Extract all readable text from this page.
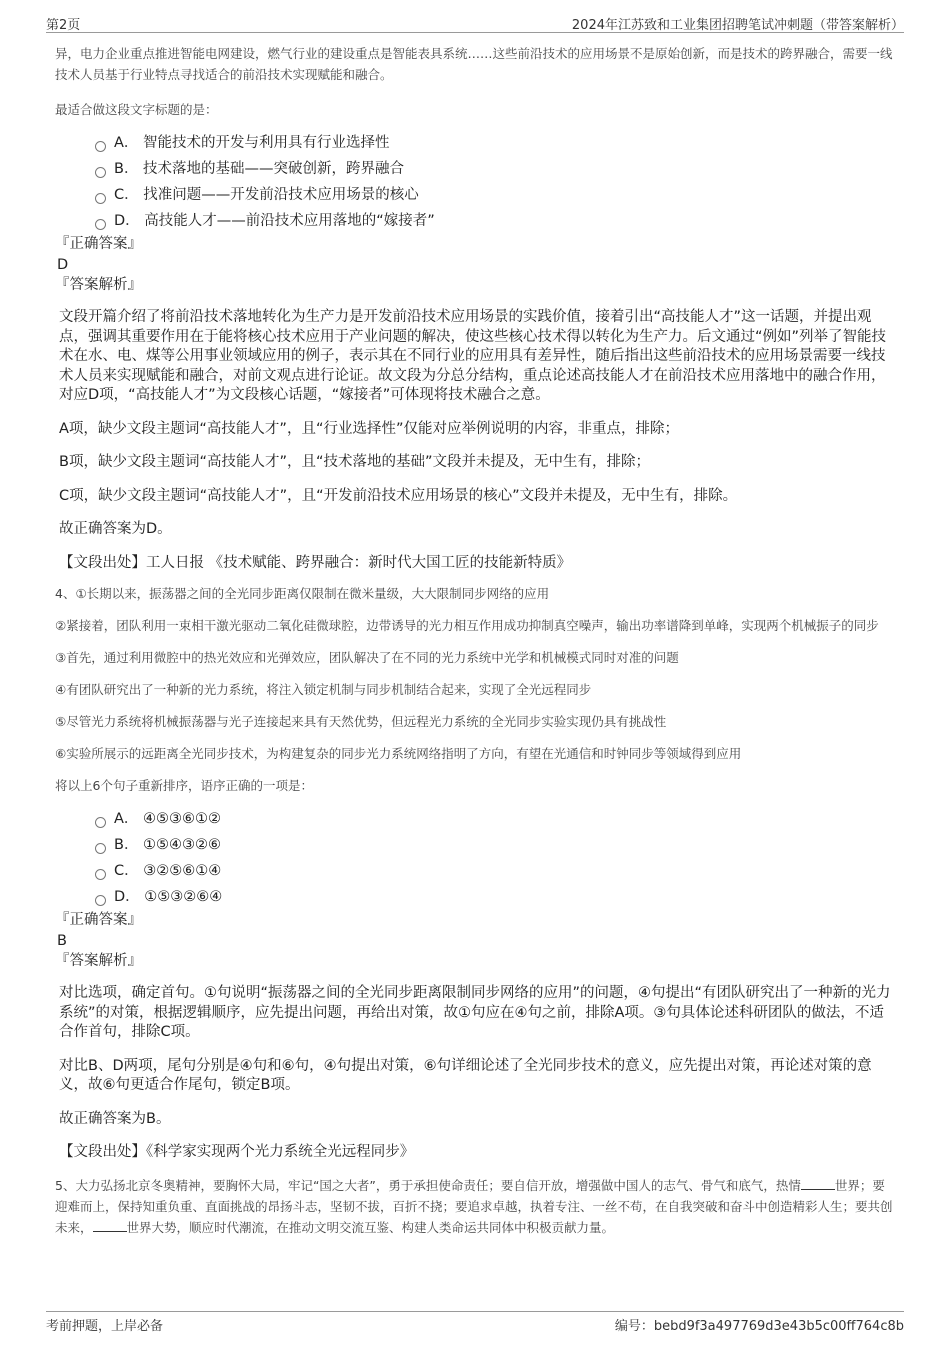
第2页	2024年江苏致和工业集团招聘笔试冲刺题（带答案解析）
异，电力企业重点推进智能电网建设，燃气行业的建设重点是智能表具系统……这些前沿技术的应用场景不是原始创新，而是技术的跨界融合，需要一线技术人员基于行业特点寻找适合的前沿技术实现赋能和融合。
最适合做这段文字标题的是：
A． 智能技术的开发与利用具有行业选择性
B． 技术落地的基础——突破创新，跨界融合
C． 找准问题——开发前沿技术应用场景的核心
D． 高技能人才——前沿技术应用落地的“嫁接者”
『正确答案』
D
『答案解析』
文段开篇介绍了将前沿技术落地转化为生产力是开发前沿技术应用场景的实践价值，接着引出“高技能人才”这一话题，并提出观点，强调其重要作用在于能将核心技术应用于产业问题的解决，使这些核心技术得以转化为生产力。后文通过“例如”列举了智能技术在水、电、煤等公用事业领域应用的例子，表示其在不同行业的应用具有差异性，随后指出这些前沿技术的应用场景需要一线技术人员来实现赋能和融合，对前文观点进行论证。故文段为分总分结构，重点论述高技能人才在前沿技术应用落地中的融合作用，对应D项，“高技能人才”为文段核心话题，“嫁接者”可体现将技术融合之意。
A项，缺少文段主题词“高技能人才”，且“行业选择性”仅能对应举例说明的内容，非重点，排除；
B项，缺少文段主题词“高技能人才”，且“技术落地的基础”文段并未提及，无中生有，排除；
C项，缺少文段主题词“高技能人才”，且“开发前沿技术应用场景的核心”文段并未提及，无中生有，排除。
故正确答案为D。
【文段出处】工人日报 《技术赋能、跨界融合：新时代大国工匠的技能新特质》
4、①长期以来，振荡器之间的全光同步距离仅限制在微米量级，大大限制同步网络的应用
②紧接着，团队利用一束相干激光驱动二氧化硅微球腔，边带诱导的光力相互作用成功抑制真空噪声，输出功率谱降到单峰，实现两个机械振子的同步
③首先，通过利用微腔中的热光效应和光弹效应，团队解决了在不同的光力系统中光学和机械模式同时对准的问题
④有团队研究出了一种新的光力系统，将注入锁定机制与同步机制结合起来，实现了全光远程同步
⑤尽管光力系统将机械振荡器与光子连接起来具有天然优势，但远程光力系统的全光同步实验实现仍具有挑战性
⑥实验所展示的远距离全光同步技术，为构建复杂的同步光力系统网络指明了方向，有望在光通信和时钟同步等领域得到应用
将以上6个句子重新排序，语序正确的一项是：
A． ④⑤③⑥①②
B． ①⑤④③②⑥
C． ③②⑤⑥①④
D． ①⑤③②⑥④
『正确答案』
B
『答案解析』
对比选项，确定首句。①句说明“振荡器之间的全光同步距离限制同步网络的应用”的问题，④句提出“有团队研究出了一种新的光力系统”的对策，根据逻辑顺序，应先提出问题，再给出对策，故①句应在④句之前，排除A项。③句具体论述科研团队的做法，不适合作首句，排除C项。
对比B、D两项，尾句分别是④句和⑥句，④句提出对策，⑥句详细论述了全光同步技术的意义，应先提出对策，再论述对策的意义，故⑥句更适合作尾句，锁定B项。
故正确答案为B。
【文段出处】《科学家实现两个光力系统全光远程同步》

5、大力弘扬北京冬奥精神，要胸怀大局，牢记“国之大者”，勇于承担使命责任；要自信开放，增强做中国人的志气、骨气和底气，热情	世界；要迎难而上，保持知重负重、直面挑战的昂扬斗志，坚韧不拔，百折不挠；要追求卓越，执着专注、一丝不苟，在自我突破和奋斗中创造精彩人生；要共创未来，	世界大势，顺应时代潮流，在推动文明交流互鉴、构建人类命运共同体中积极贡献力量。

考前押题，上岸必备	编号：bebd9f3a497769d3e43b5c00ff764c8b
